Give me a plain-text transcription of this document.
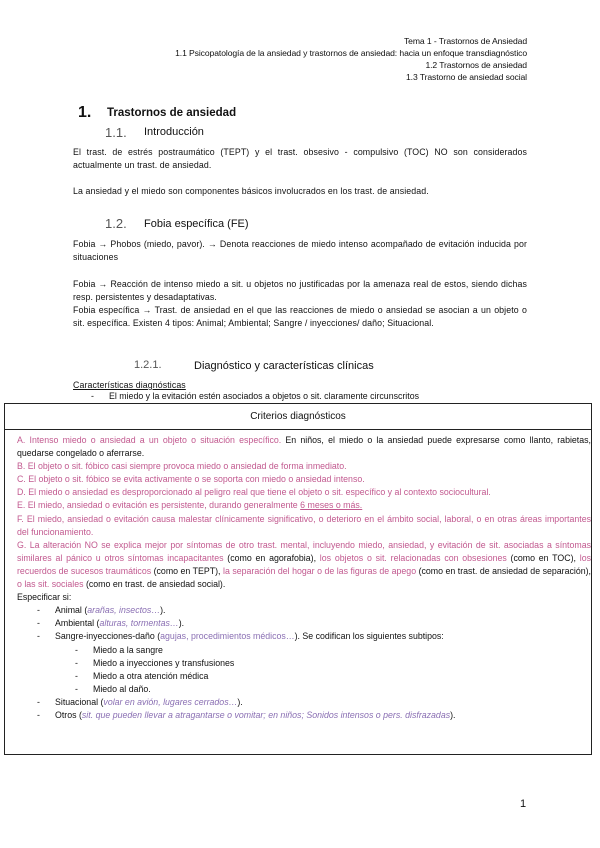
Tema 1 - Trastornos de Ansiedad
1.1 Psicopatología de la ansiedad y trastornos de ansiedad: hacia un enfoque transdiagnóstico
1.2 Trastornos de ansiedad
1.3 Trastorno de ansiedad social
1. Trastornos de ansiedad
1.1. Introducción
El trast. de estrés postraumático (TEPT) y el trast. obsesivo - compulsivo (TOC) NO son considerados actualmente un trast. de ansiedad.
La ansiedad y el miedo son componentes básicos involucrados en los trast. de ansiedad.
1.2. Fobia específica (FE)
Fobia → Phobos (miedo, pavor). → Denota reacciones de miedo intenso acompañado de evitación inducida por situaciones
Fobia → Reacción de intenso miedo a sit. u objetos no justificadas por la amenaza real de estos, siendo dichas resp. persistentes y desadaptativas.
Fobia específica → Trast. de ansiedad en el que las reacciones de miedo o ansiedad se asocian a un objeto o sit. específica. Existen 4 tipos: Animal; Ambiental; Sangre / inyecciones/ daño; Situacional.
1.2.1.	Diagnóstico y características clínicas
Características diagnósticas
- El miedo y la evitación estén asociados a objetos o sit. claramente circunscritos
Criterios diagnósticos

A. Intenso miedo o ansiedad a un objeto o situación específico. En niños, el miedo o la ansiedad puede expresarse como llanto, rabietas, quedarse congelado o aferrarse.

B. El objeto o sit. fóbico casi siempre provoca miedo o ansiedad de forma inmediato.

C. El objeto o sit. fóbico se evita activamente o se soporta con miedo o ansiedad intenso.

D. El miedo o ansiedad es desproporcionado al peligro real que tiene el objeto o sit. específico y al contexto sociocultural.

E. El miedo, ansiedad o evitación es persistente, durando generalmente 6 meses o más.

F. El miedo, ansiedad o evitación causa malestar clínicamente significativo, o deterioro en el ámbito social, laboral, o en otras áreas importantes del funcionamiento.

G. La alteración NO se explica mejor por síntomas de otro trast. mental, incluyendo miedo, ansiedad, y evitación de sit. asociadas a síntomas similares al pánico u otros síntomas incapacitantes (como en agorafobia), los objetos o sit. relacionadas con obsesiones (como en TOC), los recuerdos de sucesos traumáticos (como en TEPT), la separación del hogar o de las figuras de apego (como en trast. de ansiedad de separación), o las sit. sociales (como en trast. de ansiedad social).

Especificar si:

- Animal (arañas, insectos…).

- Ambiental (alturas, tormentas…).

- Sangre-inyecciones-daño (agujas, procedimientos médicos…). Se codifican los siguientes subtipos:

- Miedo a la sangre

- Miedo a inyecciones y transfusiones

- Miedo a otra atención médica

- Miedo al daño.

- Situacional (volar en avión, lugares cerrados…).

- Otros (sit. que pueden llevar a atragantarse o vomitar; en niños; Sonidos intensos o pers. disfrazadas).

1
